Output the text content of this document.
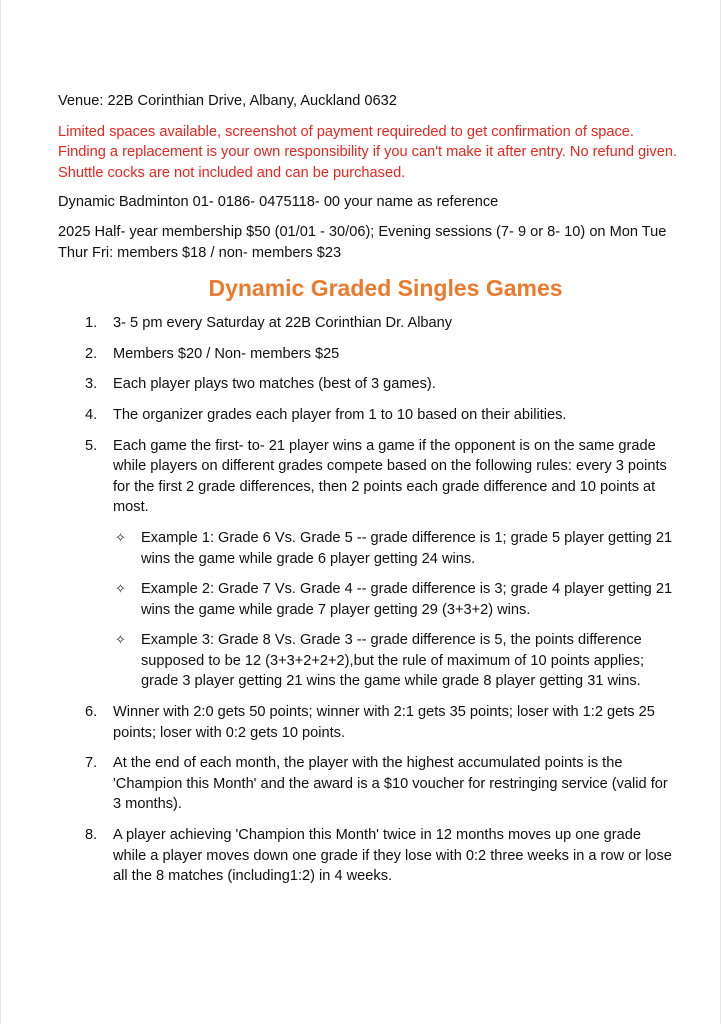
Venue: 22B Corinthian Drive, Albany, Auckland 0632

Limited spaces available, screenshot of payment requireded to get confirmation of space. Finding a replacement is your own responsibility if you can't make it after entry. No refund given. Shuttle cocks are not included and can be purchased.

Dynamic Badminton 01- 0186- 0475118- 00 your name as reference

2025 Half- year membership $50 (01/01 - 30/06); Evening sessions (7- 9 or 8- 10) on Mon Tue Thur Fri: members $18 / non- members $23

Dynamic Graded Singles Games
1. 3- 5 pm every Saturday at 22B Corinthian Dr. Albany
2. Members $20 / Non- members $25
3. Each player plays two matches (best of 3 games).
4. The organizer grades each player from 1 to 10 based on their abilities.
5. Each game the first- to- 21 player wins a game if the opponent is on the same grade while players on different grades compete based on the following rules: every 3 points for the first 2 grade differences, then 2 points each grade difference and 10 points at most.
✧ Example 1: Grade 6 Vs. Grade 5 -- grade difference is 1; grade 5 player getting 21 wins the game while grade 6 player getting 24 wins.
✧ Example 2: Grade 7 Vs. Grade 4 -- grade difference is 3; grade 4 player getting 21 wins the game while grade 7 player getting 29 (3+3+2) wins.
✧ Example 3: Grade 8 Vs. Grade 3 -- grade difference is 5, the points difference supposed to be 12 (3+3+2+2+2),but the rule of maximum of 10 points applies; grade 3 player getting 21 wins the game while grade 8 player getting 31 wins.
6. Winner with 2:0 gets 50 points; winner with 2:1 gets 35 points; loser with 1:2 gets 25 points; loser with 0:2 gets 10 points.
7. At the end of each month, the player with the highest accumulated points is the 'Champion this Month' and the award is a $10 voucher for restringing service (valid for 3 months).
8. A player achieving 'Champion this Month' twice in 12 months moves up one grade while a player moves down one grade if they lose with 0:2 three weeks in a row or lose all the 8 matches (including1:2) in 4 weeks.
